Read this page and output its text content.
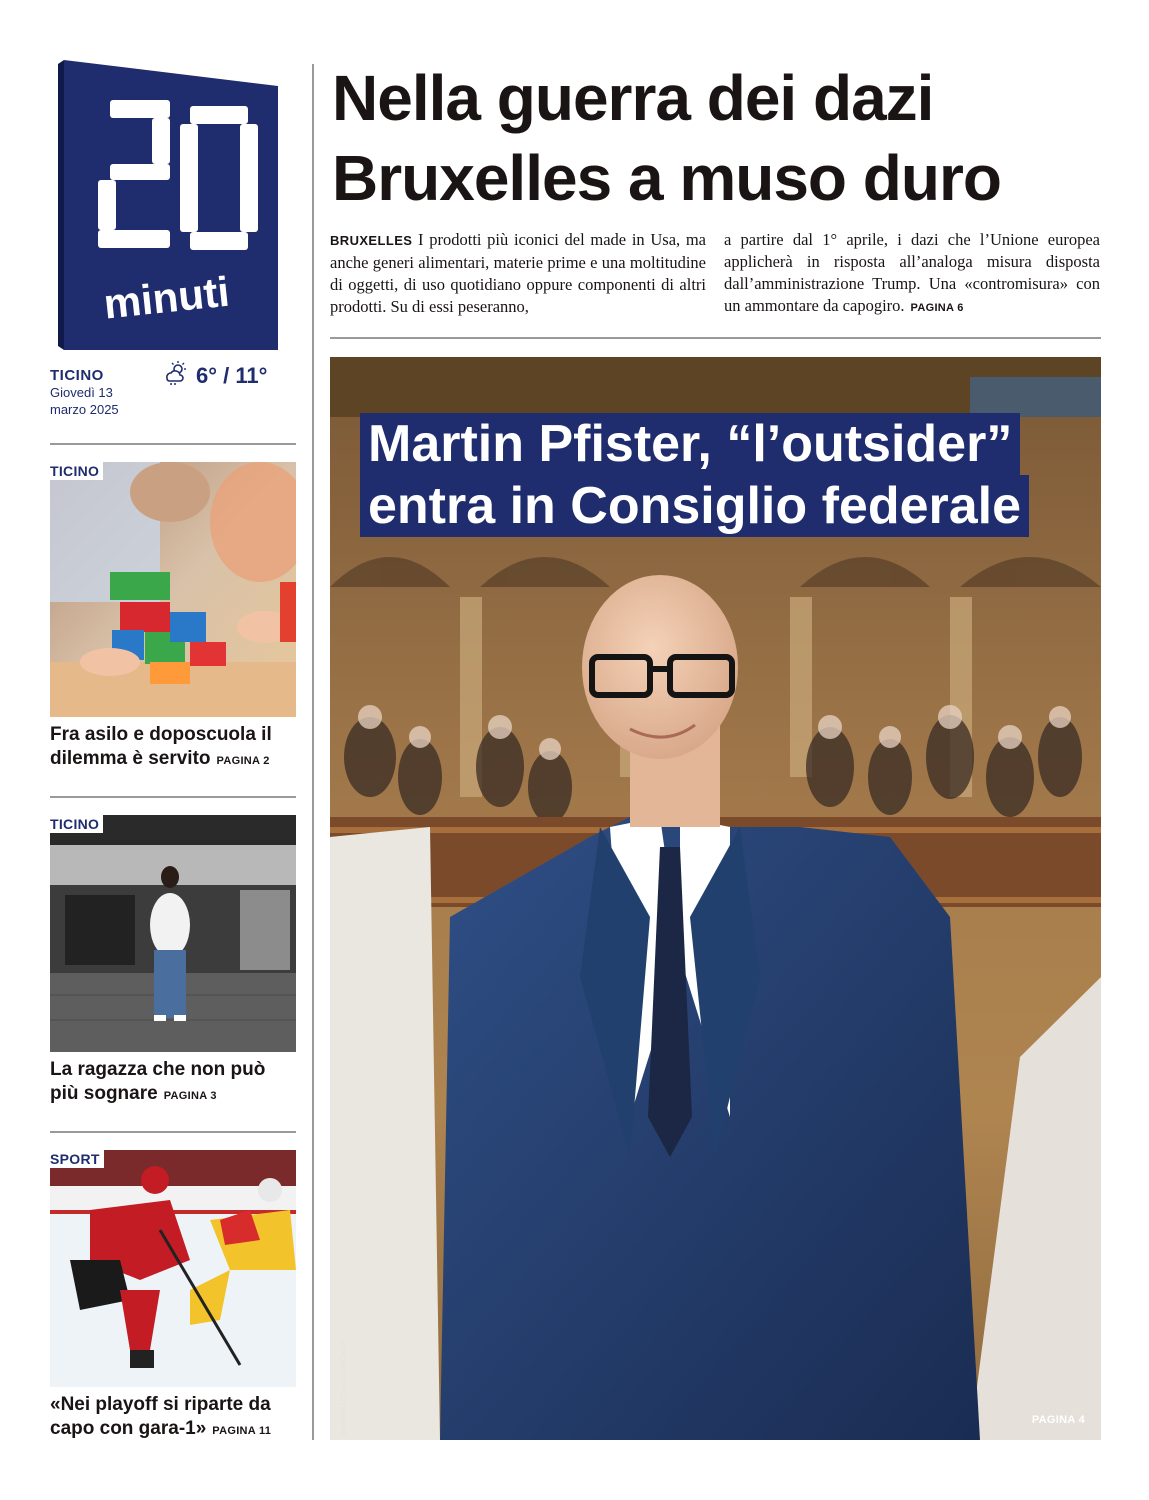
minuti
TICINO
Giovedì 13
marzo 2025
6° / 11°
TICINO
Fra asilo e doposcuola il dilemma è servito PAGINA 2
TICINO
La ragazza che non può più sognare PAGINA 3
SPORT
«Nei playoff si riparte da capo con gara-1» PAGINA 11
Nella guerra dei dazi
Bruxelles a muso duro
BRUXELLES I prodotti più iconici del made in Usa, ma anche generi alimentari, materie prime e una moltitudine di oggetti, di uso quotidiano oppure componenti di altri prodotti. Su di essi peseranno,
a partire dal 1° aprile, i dazi che l’Unione europea applicherà in risposta all’analoga misura disposta dall’amministrazione Trump. Una «contromisura» con un ammontare da capogiro. PAGINA 6
Martin Pfister, “l’outsider”
entra in Consiglio federale
PAGINA 4
20MIN/MATTHIAS SPICHER
